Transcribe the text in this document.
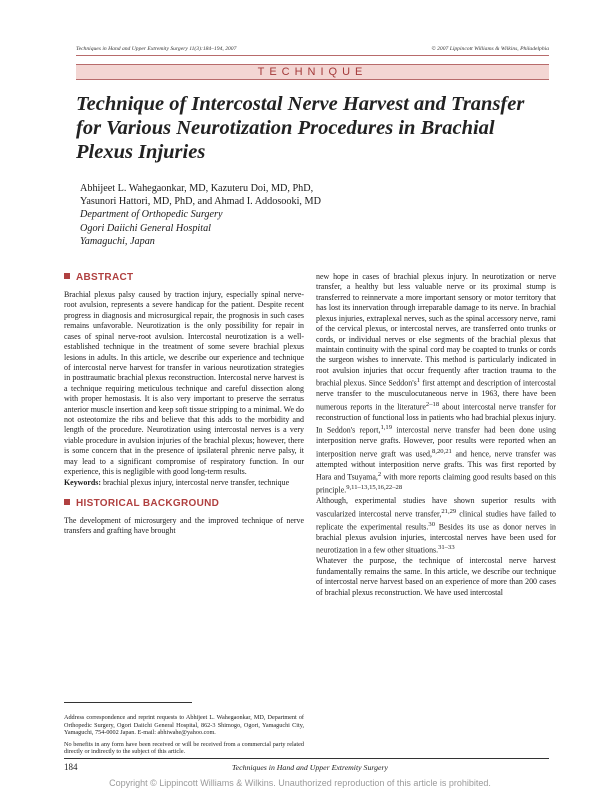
Techniques in Hand and Upper Extremity Surgery 11(3):184–194, 2007	© 2007 Lippincott Williams & Wilkins, Philadelphia
TECHNIQUE
Technique of Intercostal Nerve Harvest and Transfer for Various Neurotization Procedures in Brachial Plexus Injuries
Abhijeet L. Wahegaonkar, MD, Kazuteru Doi, MD, PhD,
Yasunori Hattori, MD, PhD, and Ahmad I. Addosooki, MD
Department of Orthopedic Surgery
Ogori Daiichi General Hospital
Yamaguchi, Japan
ABSTRACT

Brachial plexus palsy caused by traction injury, especially spinal nerve-root avulsion, represents a severe handicap for the patient. Despite recent progress in diagnosis and microsurgical repair, the prognosis in such cases remains unfavorable. Neurotization is the only possibility for repair in cases of spinal nerve-root avulsion. Intercostal neurotization is a well-established technique in the treatment of some severe brachial plexus lesions in adults. In this article, we describe our experience and technique of intercostal nerve harvest for transfer in various neurotization strategies in posttraumatic brachial plexus reconstruction. Intercostal nerve harvest is a technique requiring meticulous technique and careful dissection along with proper hemostasis. It is also very important to preserve the serratus anterior muscle insertion and keep soft tissue stripping to a minimal. We do not osteotomize the ribs and believe that this adds to the morbidity and length of the procedure. Neurotization using intercostal nerves is a very viable procedure in avulsion injuries of the brachial plexus; however, there is some concern that in the presence of ipsilateral phrenic nerve palsy, it may lead to a significant compromise of respiratory function. In our experience, this is negligible with good long-term results.

Keywords: brachial plexus injury, intercostal nerve transfer, technique

HISTORICAL BACKGROUND

The development of microsurgery and the improved technique of nerve transfers and grafting have brought

new hope in cases of brachial plexus injury. In neurotization or nerve transfer, a healthy but less valuable nerve or its proximal stump is transferred to reinnervate a more important sensory or motor territory that has lost its innervation through irreparable damage to its nerve. In brachial plexus injuries, extraplexal nerves, such as the spinal accessory nerve, rami of the cervical plexus, or intercostal nerves, are transferred onto trunks or cords, or individual nerves or else segments of the brachial plexus that maintain continuity with the spinal cord may be coapted to trunks or cords the surgeon wishes to innervate. This method is particularly indicated in root avulsion injuries that occur frequently after traction trauma to the brachial plexus. Since $Seddon's^1$ first attempt and description of intercostal nerve transfer to the musculocutaneous nerve in 1963, there have been numerous reports in the literature$^{2-18}$ about intercostal nerve transfer for reconstruction of functional loss in patients who had brachial plexus injury. In Seddon's report,$^{1,19}$ intercostal nerve transfer had been done using interposition nerve grafts. However, poor results were reported when an interposition nerve graft was used,$^{8,20,21}$ and hence, nerve transfer was attempted without interposition nerve grafts. This was first reported by Hara and Tsuyama,$^2$ with more reports claiming good results based on this principle.$^{9,11-13,15,16,22-28}$

Although, experimental studies have shown superior results with vascularized intercostal nerve transfer,$^{21,29}$ clinical studies have failed to replicate the experimental results.$^{30}$ Besides its use as donor nerves in brachial plexus avulsion injuries, intercostal nerves have been used for neurotization in a few other situations.$^{31-33}$

Whatever the purpose, the technique of intercostal nerve harvest fundamentally remains the same. In this article, we describe our technique of intercostal nerve harvest based on an experience of more than 200 cases of brachial plexus reconstruction. We have used intercostal

Address correspondence and reprint requests to Abhijeet L. Wahegaonkar, MD, Department of Orthopedic Surgery, Ogori Daiichi General Hospital, 862-3 Shimogo, Ogori, Yamaguchi City, Yamaguchi, 754-0002 Japan. E-mail: abhiwahe@yahoo.com.

No benefits in any form have been received or will be received from a commercial party related directly or indirectly to the subject of this article.

184	Techniques in Hand and Upper Extremity Surgery
Copyright © Lippincott Williams & Wilkins. Unauthorized reproduction of this article is prohibited.
